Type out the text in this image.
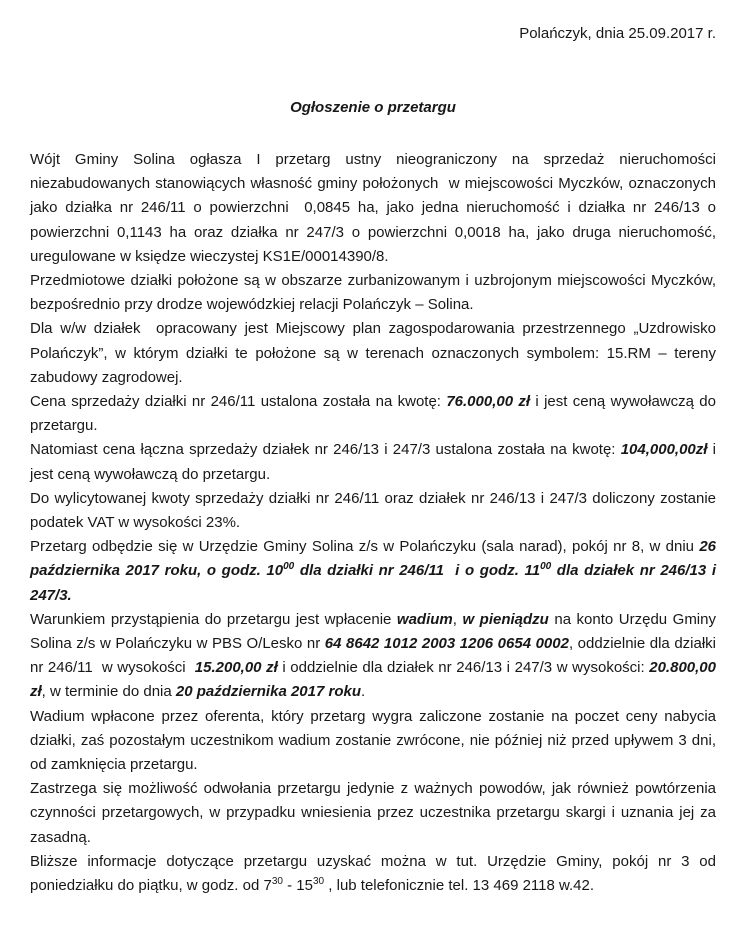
Polańczyk, dnia 25.09.2017 r.
Ogłoszenie o przetargu

Wójt Gminy Solina ogłasza I przetarg ustny nieograniczony na sprzedaż nieruchomości niezabudowanych stanowiących własność gminy położonych  w miejscowości Myczków, oznaczonych jako działka nr 246/11 o powierzchni  0,0845 ha, jako jedna nieruchomość i działka nr 246/13 o powierzchni 0,1143 ha oraz działka nr 247/3 o powierzchni 0,0018 ha, jako druga nieruchomość, uregulowane w księdze wieczystej KS1E/00014390/8.

Przedmiotowe działki położone są w obszarze zurbanizowanym i uzbrojonym miejscowości Myczków, bezpośrednio przy drodze wojewódzkiej relacji Polańczyk – Solina.

Dla w/w działek  opracowany jest Miejscowy plan zagospodarowania przestrzennego „Uzdrowisko Polańczyk”, w którym działki te położone są w terenach oznaczonych symbolem: 15.RM – tereny zabudowy zagrodowej.

Cena sprzedaży działki nr 246/11 ustalona została na kwotę: 76.000,00 zł i jest ceną wywoławczą do przetargu.

Natomiast cena łączna sprzedaży działek nr 246/13 i 247/3 ustalona została na kwotę: 104,000,00zł i jest ceną wywoławczą do przetargu.

Do wylicytowanej kwoty sprzedaży działki nr 246/11 oraz działek nr 246/13 i 247/3 doliczony zostanie podatek VAT w wysokości 23%.

Przetarg odbędzie się w Urzędzie Gminy Solina z/s w Polańczyku (sala narad), pokój nr 8, w dniu 26 października 2017 roku, o godz. $10^{00}$ dla działki nr 246/11  i o godz. $11^{00}$ dla działek nr 246/13 i 247/3.

Warunkiem przystąpienia do przetargu jest wpłacenie wadium, w pieniądzu na konto Urzędu Gminy Solina z/s w Polańczyku w PBS O/Lesko nr 64 8642 1012 2003 1206 0654 0002, oddzielnie dla działki nr 246/11  w wysokości  15.200,00 zł i oddzielnie dla działek nr 246/13 i 247/3 w wysokości: 20.800,00 zł, w terminie do dnia 20 października 2017 roku.

Wadium wpłacone przez oferenta, który przetarg wygra zaliczone zostanie na poczet ceny nabycia działki, zaś pozostałym uczestnikom wadium zostanie zwrócone, nie później niż przed upływem 3 dni, od zamknięcia przetargu.

Zastrzega się możliwość odwołania przetargu jedynie z ważnych powodów, jak również powtórzenia czynności przetargowych, w przypadku wniesienia przez uczestnika przetargu skargi i uznania jej za zasadną.

Bliższe informacje dotyczące przetargu uzyskać można w tut. Urzędzie Gminy, pokój nr 3 od poniedziałku do piątku, w godz. od $7^{30} - 15^{30}$ , lub telefonicznie tel. 13 469 2118 w.42.
